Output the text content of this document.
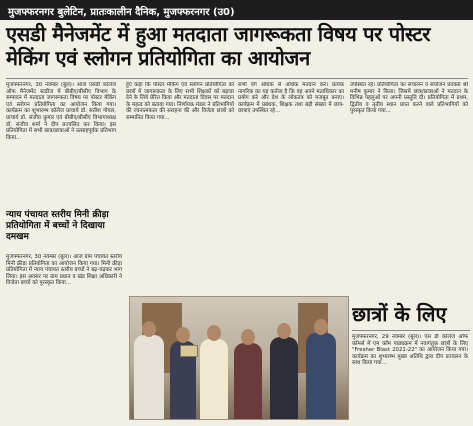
मुजफ्फरनगर बुलेटिन, प्रातःकालीन दैनिक, मुजफ्फरनगर (उ0)
एसडी मैनेजमेंट में हुआ मतदाता जागरूकता विषय पर पोस्टर मेकिंग एवं स्लोगन प्रतियोगिता का आयोजन
मुजफ्फरनगर, 30 नवम्बर (बुल)। आज एसडी कॉलेज ऑफ मैनेजमेंट स्टडीज में बीबीए/बीसीए विभाग के सम्पादन में मतदाता जागरूकता विषय पर पोस्टर मेकिंग एवं स्लोगन प्रतियोगिता का आयोजन किया गया। कार्यक्रम का शुभारम्भ कॉलेज प्राचार्य डॉ. सतीश गोयल, प्राचार्य डॉ. संजीव कुमार एवं बीबीए/बीसीए विभागाध्यक्ष डॉ. संजीव शर्मा ने दीप प्रज्वलित कर किया। इस प्रतियोगिता में सभी छात्र/छात्राओं ने उत्साहपूर्वक प्रतिभाग किया...
न्याय पंचायत स्तरीय मिनी क्रीड़ा प्रतियोगिता में बच्चों ने दिखाया दमखम
मुजफ्फरनगर, 30 नवम्बर (बुल)। आज ग्राम पंचायत स्तरीय मिनी क्रीड़ा प्रतियोगिता का आयोजन किया गया। मिनी क्रीड़ा प्रतियोगिता में न्याय पंचायत स्तरीय बच्चों ने बढ़-चढ़कर भाग लिया। इस अवसर पर ग्राम प्रधान व खंड शिक्षा अधिकारी ने विजेता बच्चों को पुरस्कृत किया...
हुए कहा कि पोस्टर मेकिंग एवं स्लोगन प्रतियोगिता को छात्रों में जागरूकता के लिए सभी शिक्षकों को बढ़ावा देने के लिये प्रेरित किया और मतदाता दिवस पर मतदान के महत्व को बताया गया। निर्णायक मंडल ने प्रतिभागियों की रचनात्मकता की सराहना की और विजेता छात्रों को सम्मानित किया गया...
सभी वर्ग अधिक से अधिक मतदान करें। प्रत्येक नागरिक का यह कर्तव्य है कि वह अपने मताधिकार का प्रयोग करे और देश के लोकतंत्र को मजबूत बनाए। कार्यक्रम में प्रबंधक, शिक्षक तथा बड़ी संख्या में छात्र-छात्राएं उपस्थित रहे...
उपस्थित रहे। प्रतियोगिता का संचालन व संयोजन प्रवक्ता श्री मनीष कुमार ने किया। जिसमें छात्र/छात्राओं ने मतदान के विभिन्न पहलुओं पर अपनी प्रस्तुति दी। प्रतियोगिता में प्रथम, द्वितीय व तृतीय स्थान प्राप्त करने वाले प्रतिभागियों को पुरस्कृत किया गया...
छात्रों के लिए
मुजफ्फरनगर, 29 नवम्बर (बुल)। एस डी कॉलेज ऑफ कॉमर्स में एम कॉम पाठ्यक्रम में नवागंतुक छात्रों के लिए "Fresher Blast 2021-22" का आयोजन किया गया। कार्यक्रम का शुभारम्भ मुख्य अतिथि द्वारा दीप प्रज्वलन के साथ किया गया...
